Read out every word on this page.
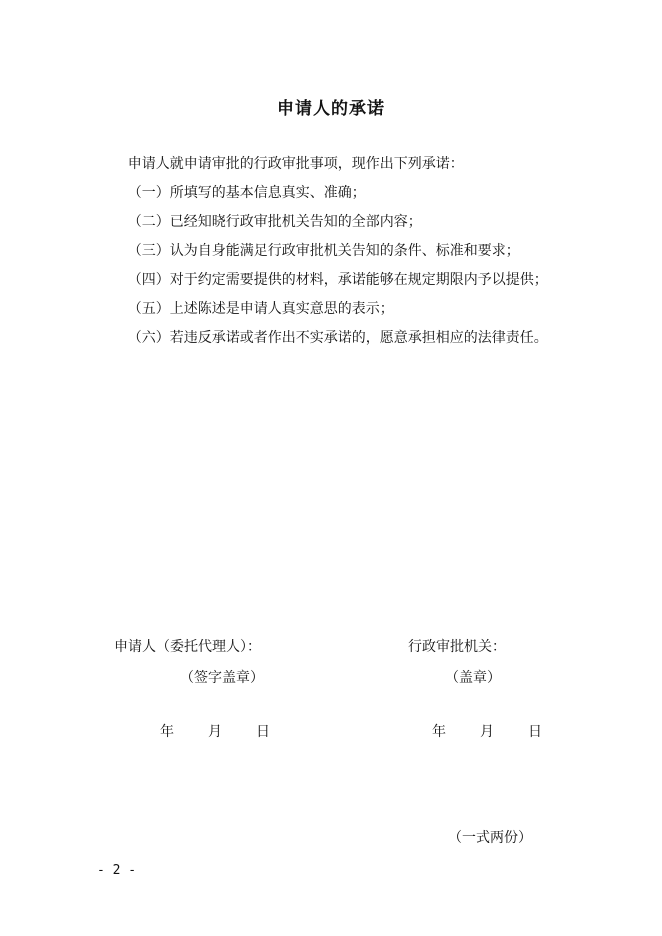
申请人的承诺

申请人就申请审批的行政审批事项，现作出下列承诺：

（一）所填写的基本信息真实、准确；

（二）已经知晓行政审批机关告知的全部内容；

（三）认为自身能满足行政审批机关告知的条件、标准和要求；

（四）对于约定需要提供的材料，承诺能够在规定期限内予以提供；

（五）上述陈述是申请人真实意思的表示；

（六）若违反承诺或者作出不实承诺的，愿意承担相应的法律责任。

申请人（委托代理人）：
（签字盖章）
年 月 日
行政审批机关：
（盖章）
年 月 日
（一式两份）
- 2 -
